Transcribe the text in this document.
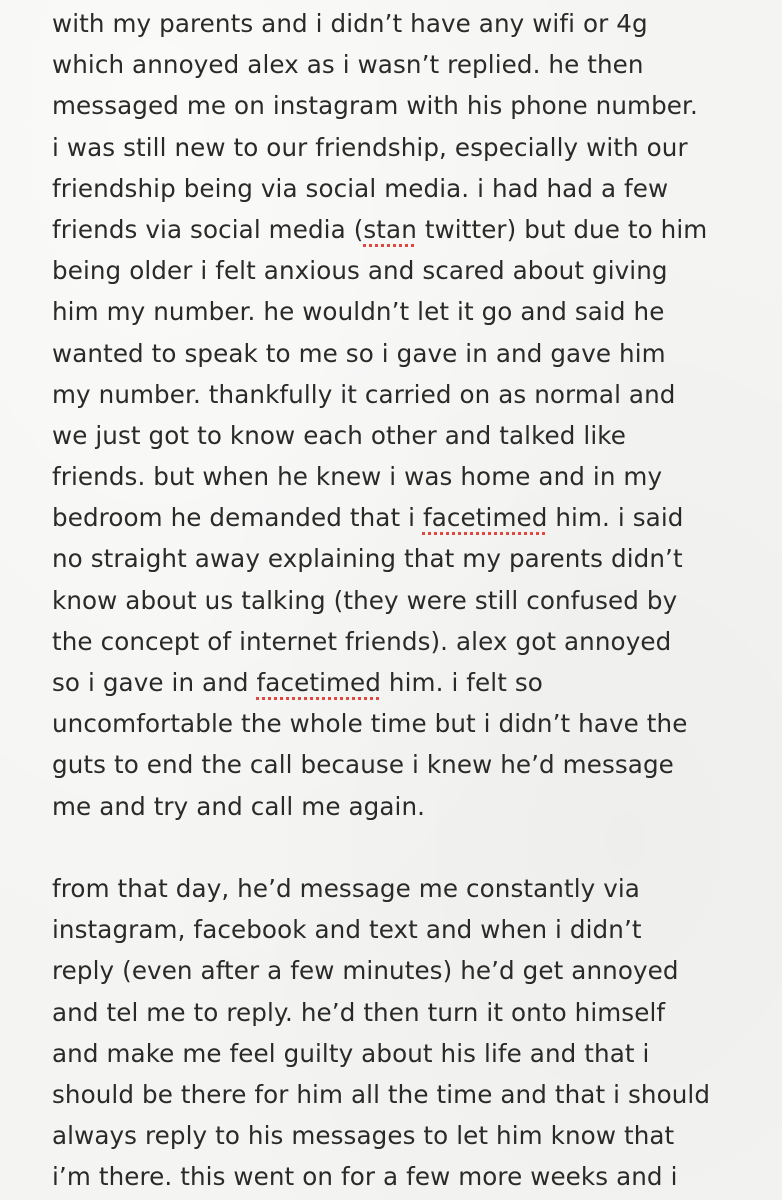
with my parents and i didn’t have any wifi or 4g
which annoyed alex as i wasn’t replied. he then
messaged me on instagram with his phone number.
i was still new to our friendship, especially with our
friendship being via social media. i had had a few
friends via social media (stan twitter) but due to him
being older i felt anxious and scared about giving
him my number. he wouldn’t let it go and said he
wanted to speak to me so i gave in and gave him
my number. thankfully it carried on as normal and
we just got to know each other and talked like
friends. but when he knew i was home and in my
bedroom he demanded that i facetimed him. i said
no straight away explaining that my parents didn’t
know about us talking (they were still confused by
the concept of internet friends). alex got annoyed
so i gave in and facetimed him. i felt so
uncomfortable the whole time but i didn’t have the
guts to end the call because i knew he’d message
me and try and call me again.
from that day, he’d message me constantly via
instagram, facebook and text and when i didn’t
reply (even after a few minutes) he’d get annoyed
and tel me to reply. he’d then turn it onto himself
and make me feel guilty about his life and that i
should be there for him all the time and that i should
always reply to his messages to let him know that
i’m there. this went on for a few more weeks and i
